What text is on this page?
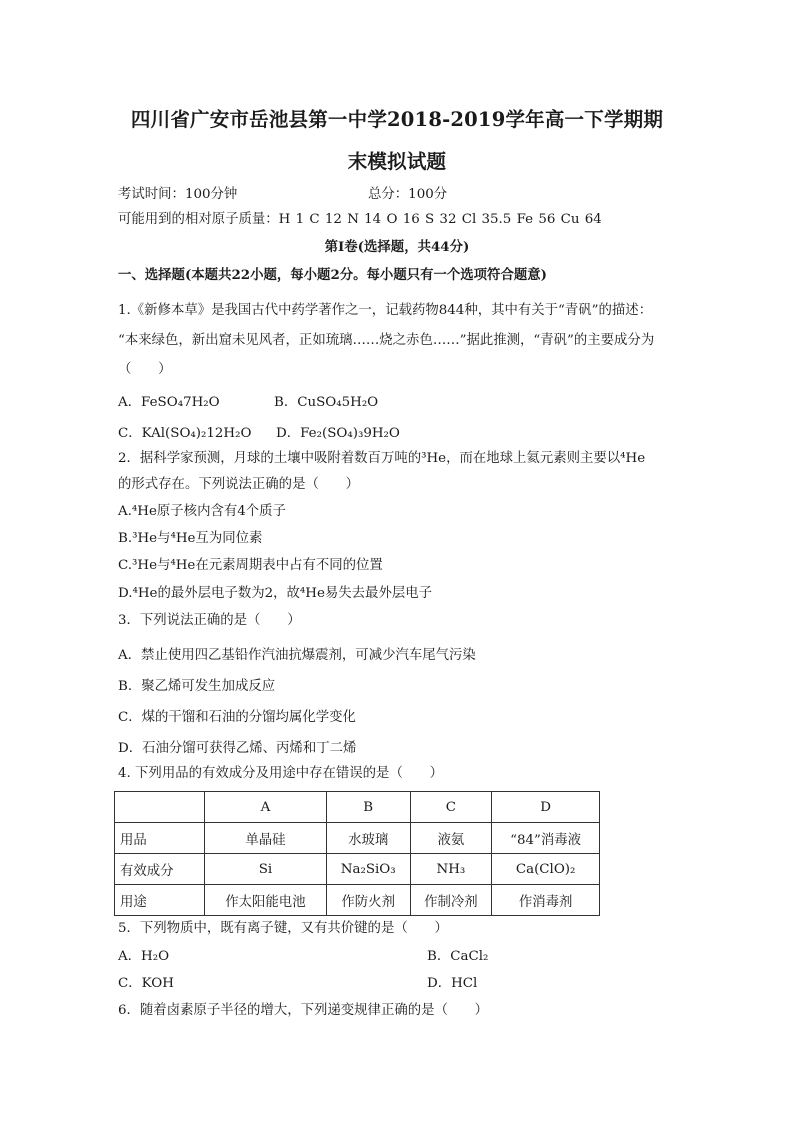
四川省广安市岳池县第一中学2018-2019学年高一下学期期
末模拟试题
考试时间：100分钟	总分：100分
可能用到的相对原子质量：H 1 C 12 N 14 O 16 S 32 Cl 35.5 Fe 56 Cu 64
第Ⅰ卷(选择题，共44分)
一、选择题(本题共22小题，每小题2分。每小题只有一个选项符合题意)
1.《新修本草》是我国古代中药学著作之一，记载药物844种，其中有关于“青矾”的描述：
“本来绿色，新出窟未见风者，正如琉璃……烧之赤色……”据此推测，“青矾”的主要成分为
（　　）
A．FeSO₄7H₂O	B．CuSO₄5H₂O
C．KAl(SO₄)₂12H₂O D．Fe₂(SO₄)₃9H₂O
2．据科学家预测，月球的土壤中吸附着数百万吨的³He，而在地球上氦元素则主要以⁴He
的形式存在。下列说法正确的是（　　）
A.⁴He原子核内含有4个质子
B.³He与⁴He互为同位素
C.³He与⁴He在元素周期表中占有不同的位置
D.⁴He的最外层电子数为2，故⁴He易失去最外层电子
3．下列说法正确的是（　　）
A．禁止使用四乙基铅作汽油抗爆震剂，可减少汽车尾气污染
B．聚乙烯可发生加成反应
C．煤的干馏和石油的分馏均属化学变化
D．石油分馏可获得乙烯、丙烯和丁二烯
4. 下列用品的有效成分及用途中存在错误的是（　　）
	A	B	C	D
用品	单晶硅	水玻璃	液氨	“84”消毒液
有效成分	Si	Na₂SiO₃	NH₃	Ca(ClO)₂
用途	作太阳能电池	作防火剂	作制冷剂	作消毒剂
5．下列物质中，既有离子键，又有共价键的是（　　）
A．H₂O	B．CaCl₂
C．KOH	D．HCl
6．随着卤素原子半径的增大，下列递变规律正确的是（　　）
